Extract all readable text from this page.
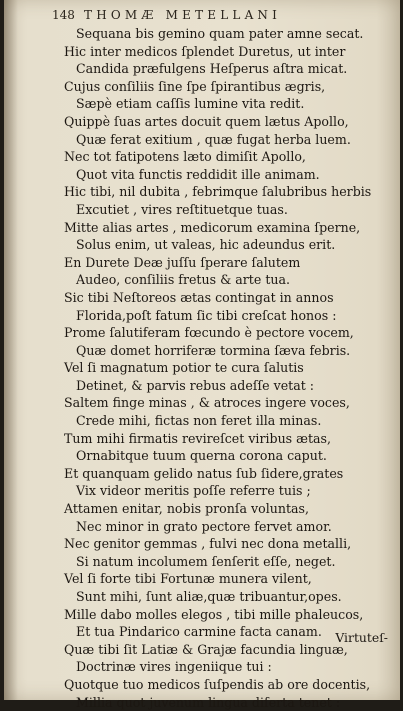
148 THOMÆ METELLANI
Sequana bis gemino quam pater amne secat.
Hic inter medicos ſplendet Duretus, ut inter
Candida præfulgens Heſperus aſtra micat.
Cujus conſiliis ſine ſpe ſpirantibus ægris,
Sæpè etiam caſſis lumine vita redit.
Quippè ſuas artes docuit quem lætus Apollo,
Quæ ferat exitium , quæ fugat herba luem.
Nec tot fatipotens læto dimiſit Apollo,
Quot vita functis reddidit ille animam.
Hic tibi, nil dubita , febrimque ſalubribus herbis
Excutiet , vires reſtituetque tuas.
Mitte alias artes , medicorum examina ſperne,
Solus enim, ut valeas, hic adeundus erit.
En Durete Deæ juſſu ſperare ſalutem
Audeo, conſiliis fretus & arte tua.
Sic tibi Neſtoreos ætas contingat in annos
Florida,poſt fatum ſic tibi creſcat honos :
Prome ſalutiferam fœcundo è pectore vocem,
Quæ domet horriferæ tormina ſæva febris.
Vel ſi magnatum potior te cura ſalutis
Detinet, & parvis rebus adeſſe vetat :
Saltem finge minas , & atroces ingere voces,
Crede mihi, fictas non feret illa minas.
Tum mihi firmatis revireſcet viribus ætas,
Ornabitque tuum querna corona caput.
Et quanquam gelido natus ſub ſidere,grates
Vix videor meritis poſſe referre tuis ;
Attamen enitar, nobis pronſa voluntas,
Nec minor in grato pectore fervet amor.
Nec genitor gemmas , fulvi nec dona metalli,
Si natum incolumem ſenſerit eſſe, neget.
Vel ſi forte tibi Fortunæ munera vilent,
Sunt mihi, ſunt aliæ,quæ tribuantur,opes.
Mille dabo molles elegos , tibi mille phaleucos,
Et tua Pindarico carmine facta canam.
Quæ tibi ſit Latiæ & Grajæ facundia linguæ,
Doctrinæ vires ingeniique tui :
Quotque tuo medicos ſuſpendis ab ore docentis,
Millia quot juvenum lingua diſerta tenet :
Virtuteſ-
